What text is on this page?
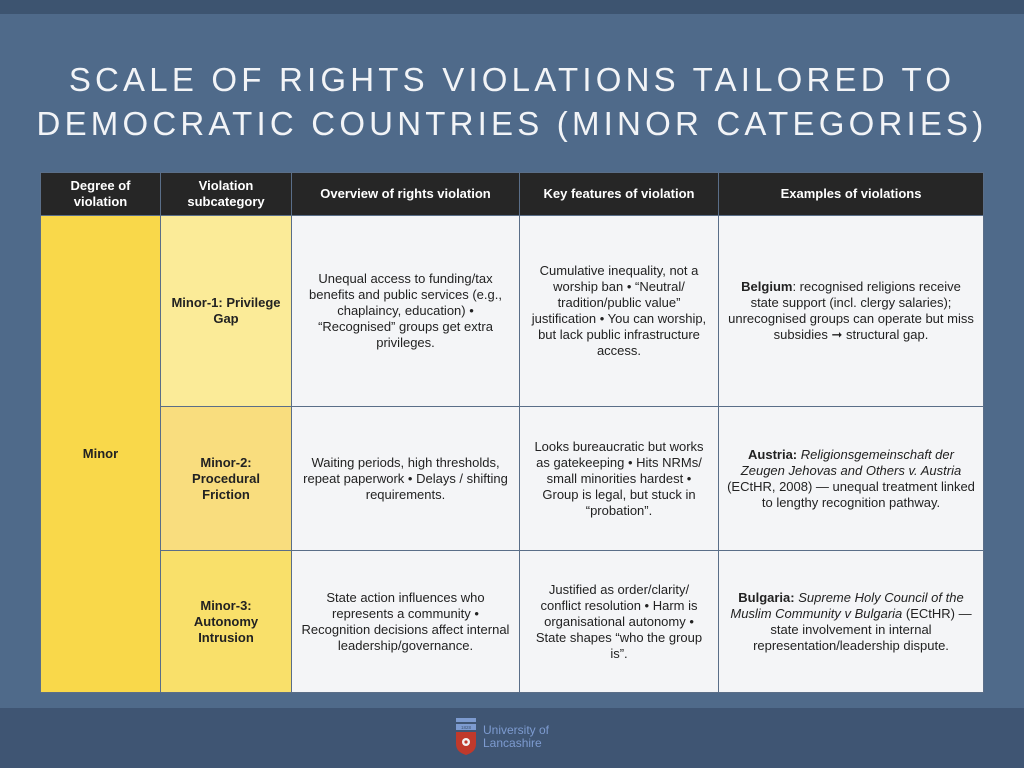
SCALE OF RIGHTS VIOLATIONS TAILORED TO
DEMOCRATIC COUNTRIES (MINOR CATEGORIES)
Degree of violation	Violation subcategory	Overview of rights violation	Key features of violation	Examples of violations
Minor	Minor-1: Privilege Gap	Unequal access to funding/tax benefits and public services (e.g., chaplaincy, education) • “Recognised” groups get extra privileges.	Cumulative inequality, not a worship ban • “Neutral/ tradition/public value” justification • You can worship, but lack public infrastructure access.	Belgium: recognised religions receive state support (incl. clergy salaries); unrecognised groups can operate but miss subsidies ➞ structural gap.
	Minor-2: Procedural Friction	Waiting periods, high thresholds, repeat paperwork • Delays / shifting requirements.	Looks bureaucratic but works as gatekeeping • Hits NRMs/ small minorities hardest • Group is legal, but stuck in “probation”.	Austria: Religionsgemeinschaft der Zeugen Jehovas and Others v. Austria (ECtHR, 2008) — unequal treatment linked to lengthy recognition pathway.
	Minor-3: Autonomy Intrusion	State action influences who represents a community • Recognition decisions affect internal leadership/governance.	Justified as order/clarity/ conflict resolution • Harm is organisational autonomy • State shapes “who the group is”.	Bulgaria: Supreme Holy Council of the Muslim Community v Bulgaria (ECtHR) — state involvement in internal representation/leadership dispute.
1828 University of
Lancashire
